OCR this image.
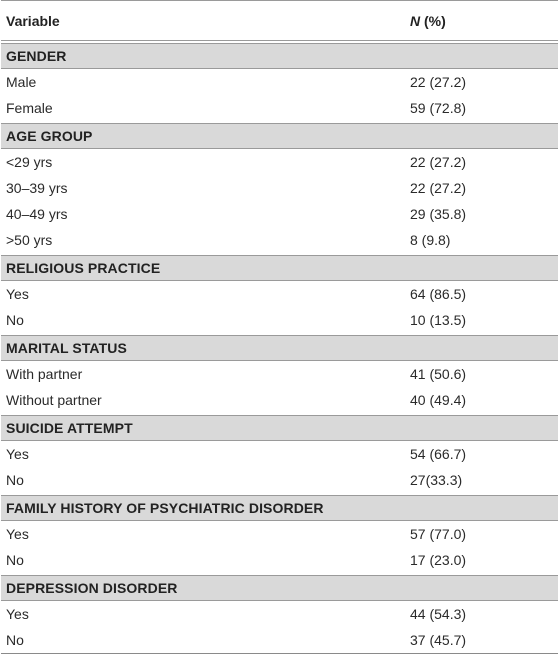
Variable	N (%)
GENDER
Male	22 (27.2)
Female	59 (72.8)
AGE GROUP
<29 yrs	22 (27.2)
30–39 yrs	22 (27.2)
40–49 yrs	29 (35.8)
>50 yrs	8 (9.8)
RELIGIOUS PRACTICE
Yes	64 (86.5)
No	10 (13.5)
MARITAL STATUS
With partner	41 (50.6)
Without partner	40 (49.4)
SUICIDE ATTEMPT
Yes	54 (66.7)
No	27(33.3)
FAMILY HISTORY OF PSYCHIATRIC DISORDER
Yes	57 (77.0)
No	17 (23.0)
DEPRESSION DISORDER
Yes	44 (54.3)
No	37 (45.7)
